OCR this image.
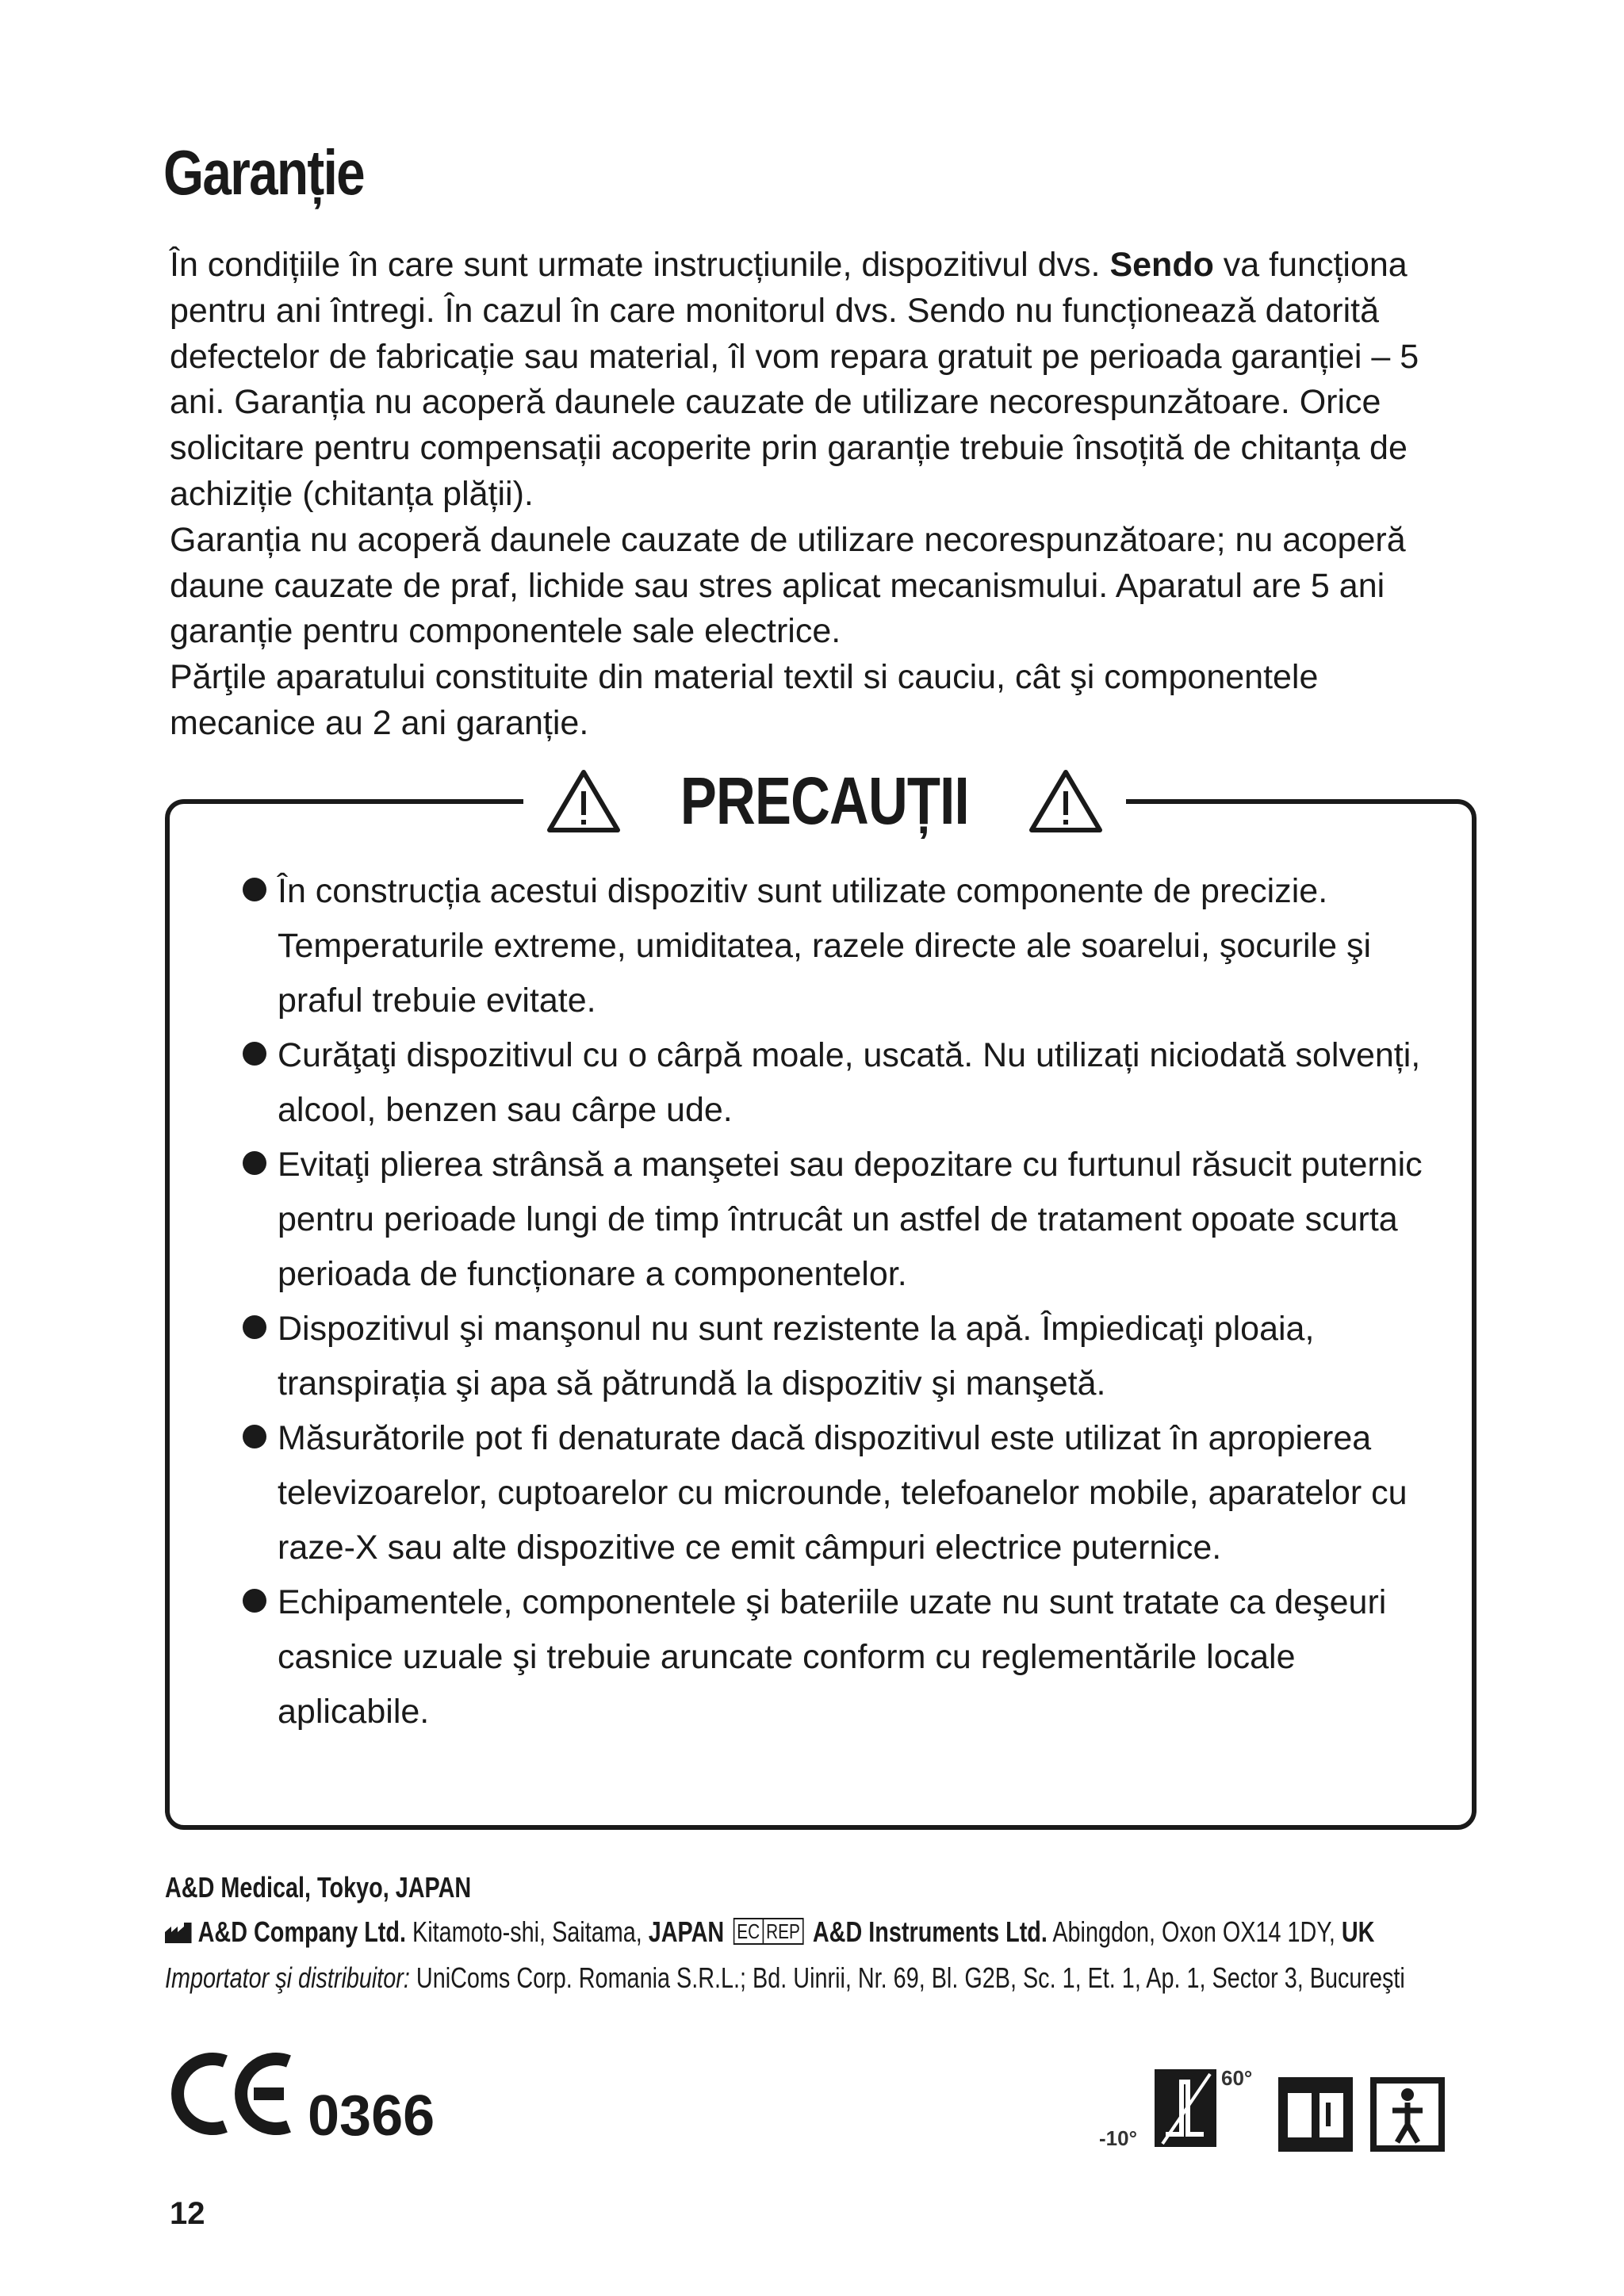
Garanție

În condițiile în care sunt urmate instrucțiunile, dispozitivul dvs. Sendo va funcționa pentru ani întregi. În cazul în care monitorul dvs. Sendo nu funcționează datorită defectelor de fabricație sau material, îl vom repara gratuit pe perioada garanției – 5 ani. Garanția nu acoperă daunele cauzate de utilizare necorespunzătoare. Orice solicitare pentru compensații acoperite prin garanție trebuie însoțită de chitanța de achiziție (chitanța plății).

Garanția nu acoperă daunele cauzate de utilizare necorespunzătoare; nu acoperă daune cauzate de praf, lichide sau stres aplicat mecanismului. Aparatul are 5 ani garanție pentru componentele sale electrice.

Părţile aparatului constituite din material textil si cauciu, cât şi componentele mecanice au 2 ani garanție.

PRECAUȚII
În construcția acestui dispozitiv sunt utilizate componente de precizie. Temperaturile extreme, umiditatea, razele directe ale soarelui, şocurile şi praful trebuie evitate.
Curăţaţi dispozitivul cu o cârpă moale, uscată. Nu utilizați niciodată solvenți, alcool, benzen sau cârpe ude.
Evitaţi plierea strânsă a manşetei sau depozitare cu furtunul răsucit puternic pentru perioade lungi de timp întrucât un astfel de tratament opoate scurta perioada de funcționare a componentelor.
Dispozitivul şi manşonul nu sunt rezistente la apă. Împiedicaţi ploaia, transpirația şi apa să pătrundă la dispozitiv şi manşetă.
Măsurătorile pot fi denaturate dacă dispozitivul este utilizat în apropierea televizoarelor, cuptoarelor cu microunde, telefoanelor mobile, aparatelor cu raze-X sau alte dispozitive ce emit câmpuri electrice puternice.
Echipamentele, componentele şi bateriile uzate nu sunt tratate ca deşeuri casnice uzuale şi trebuie aruncate conform cu reglementările locale aplicabile.
A&D Medical, Tokyo, JAPAN
A&D Company Ltd. Kitamoto-shi, Saitama, JAPAN EC REP A&D Instruments Ltd. Abingdon, Oxon OX14 1DY, UK
Importator şi distribuitor: UniComs Corp. Romania S.R.L.; Bd. Uinrii, Nr. 69, Bl. G2B, Sc. 1, Et. 1, Ap. 1, Sector 3, Bucureşti
0366	-10°
60°
12
